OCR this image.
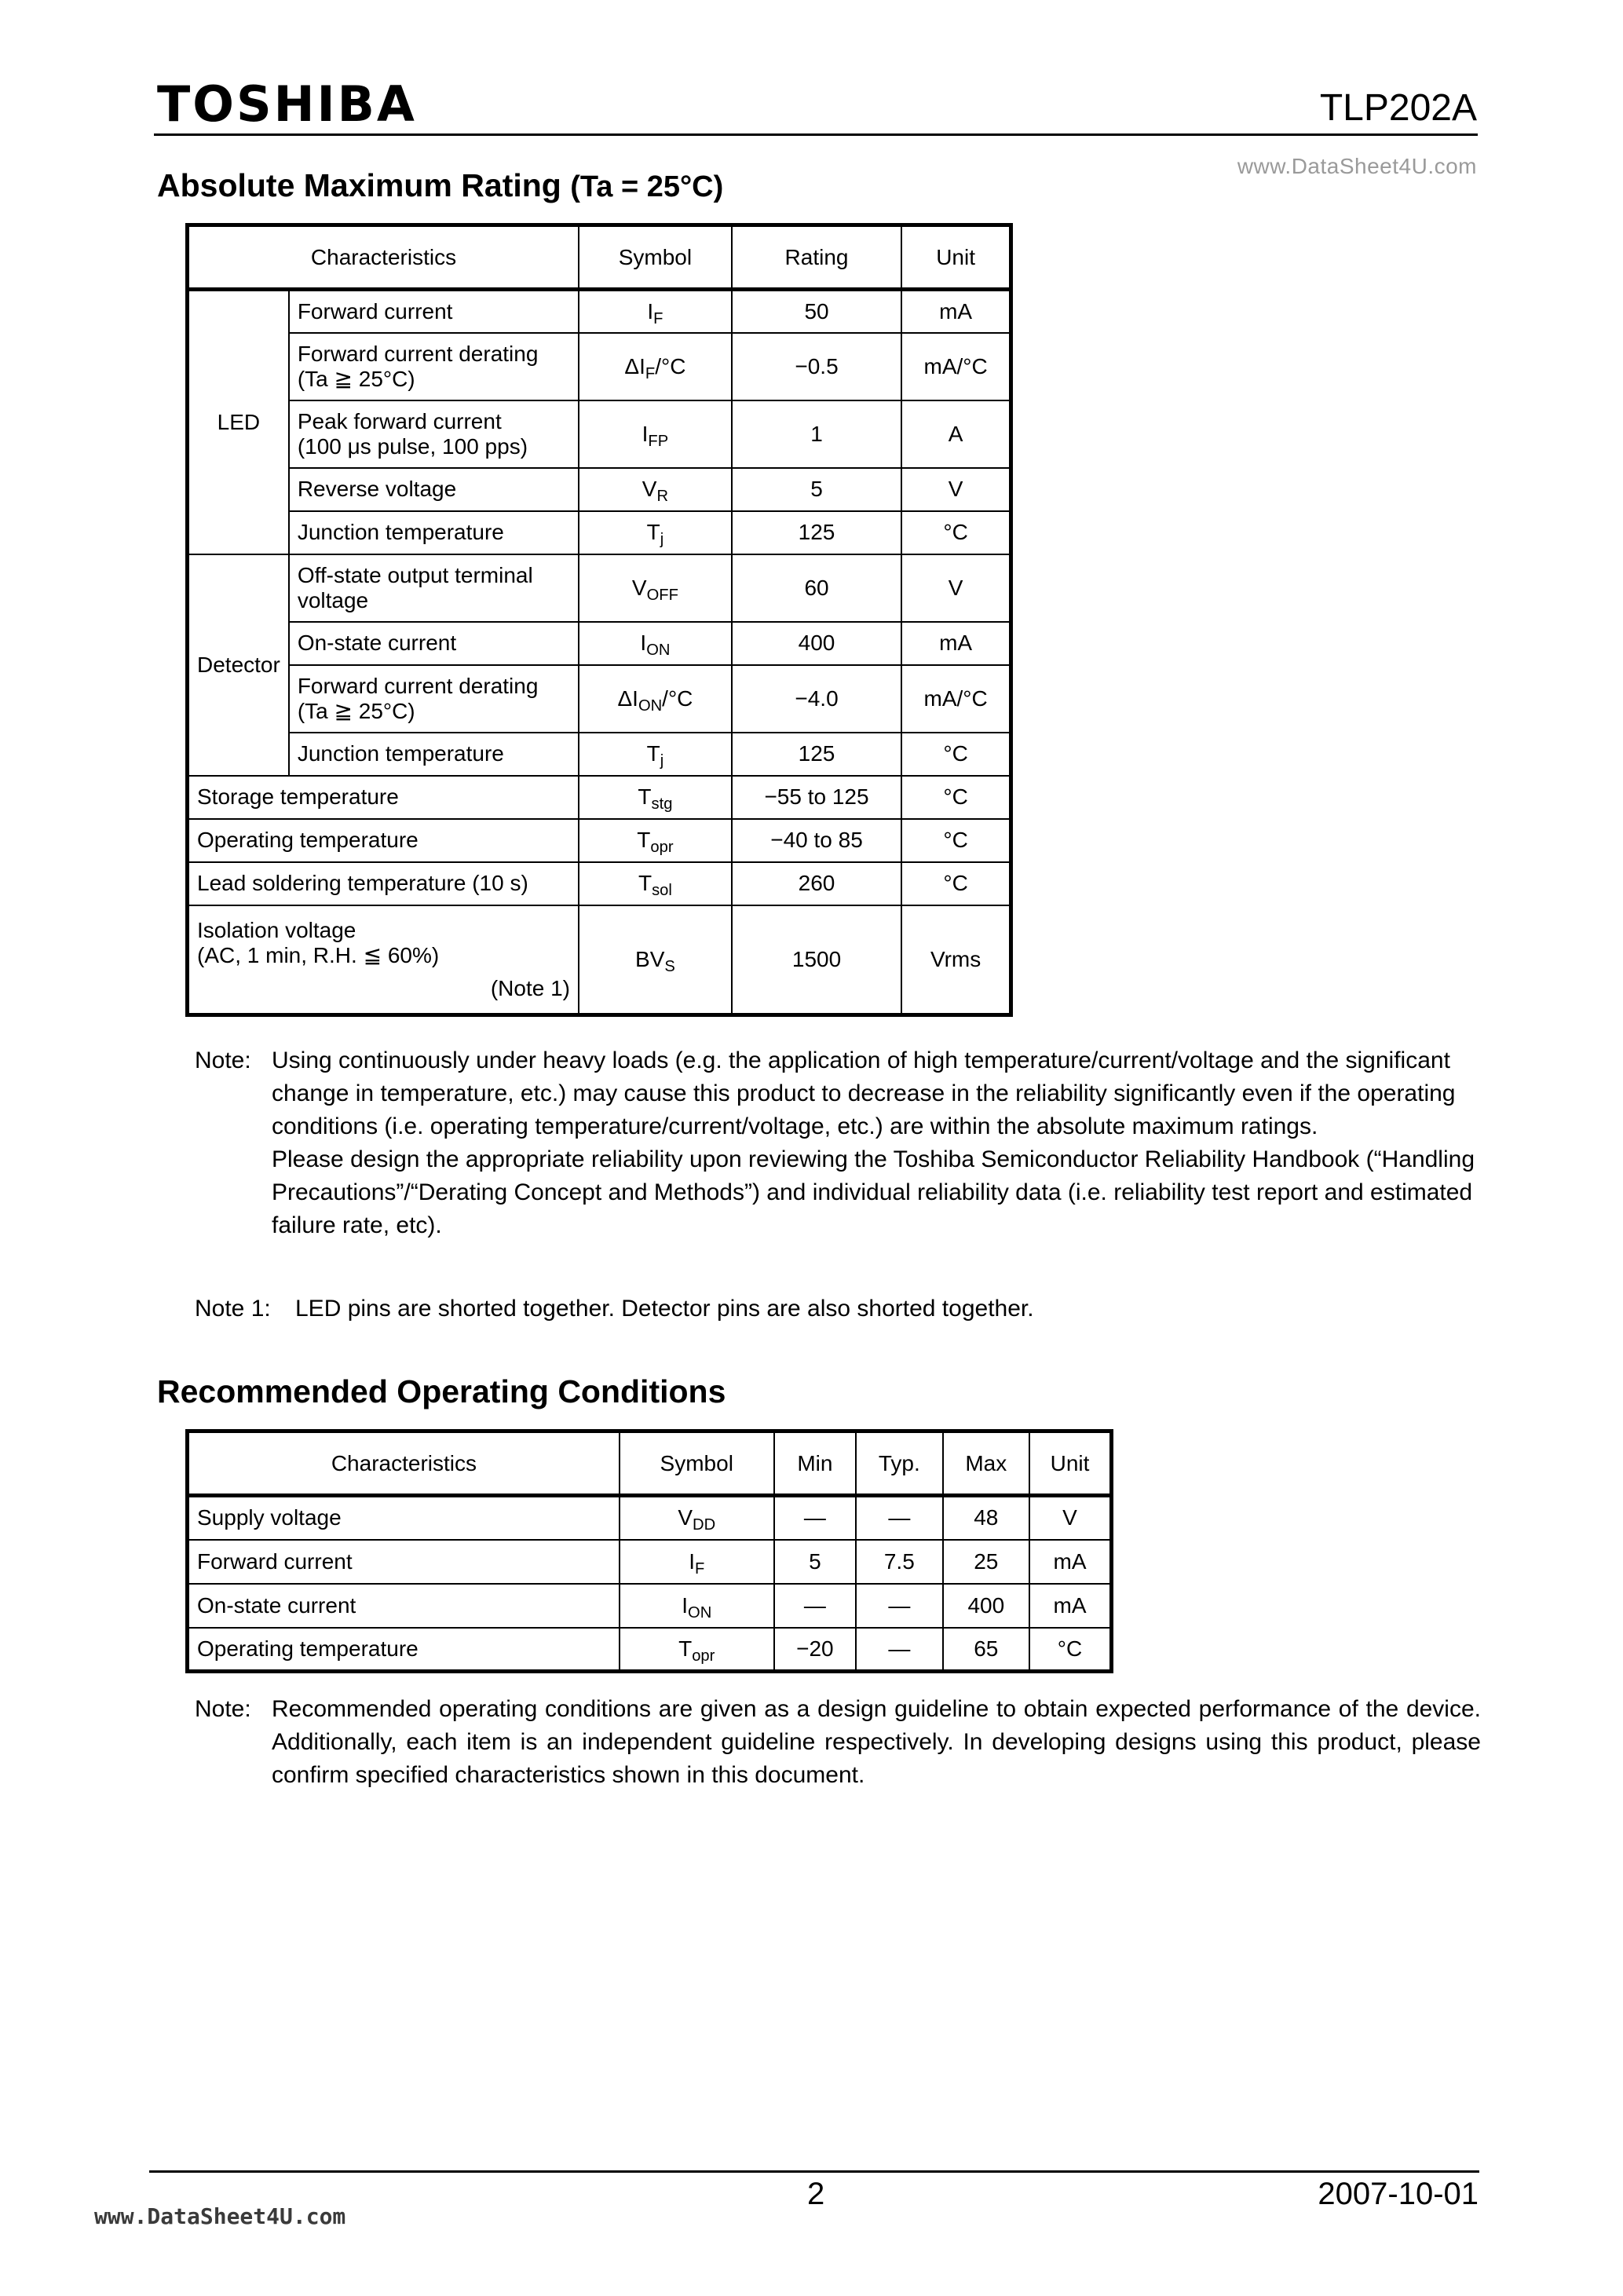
TOSHIBA	TLP202A
www.DataSheet4U.com
Absolute Maximum Rating (Ta = 25°C)
Characteristics		Symbol	Rating	Unit
LED	Forward current	$I_F$	50	mA

	Forward current derating
(Ta ≧ 25°C)	$\Delta I_F/^\circ C$	−0.5	mA/°C

	Peak forward current
(100 μs pulse, 100 pps)	$I_{FP}$	1	A
	Reverse voltage	$V_R$	5	V
	Junction temperature	$T_j$	125	°C
Detector	Off-state output terminal
voltage	$V_{OFF}$	60	V
	On-state current	$I_{ON}$	400	mA

	Forward current derating
(Ta ≧ 25°C)	$\Delta I_{ON}/^\circ C$	−4.0	mA/°C
	Junction temperature	$T_j$	125	°C
Storage temperature		$T_{stg}$	−55 to 125	°C
Operating temperature		$T_{opr}$	−40 to 85	°C
Lead soldering temperature (10 s)		$T_{sol}$	260	°C

Isolation voltage
(AC, 1 min, R.H. ≦ 60%)
(Note 1)		$BV_S$	1500	Vrms
Note: Using continuously under heavy loads (e.g. the application of high temperature/current/voltage and the significant change in temperature, etc.) may cause this product to decrease in the reliability significantly even if the operating conditions (i.e. operating temperature/current/voltage, etc.) are within the absolute maximum ratings.

Please design the appropriate reliability upon reviewing the Toshiba Semiconductor Reliability Handbook (“Handling Precautions”/“Derating Concept and Methods”) and individual reliability data (i.e. reliability test report and estimated failure rate, etc).

Note 1: LED pins are shorted together. Detector pins are also shorted together.
Recommended Operating Conditions
Characteristics	Symbol	Min	Typ.	Max	Unit
Supply voltage	$V_{DD}$	—	—	48	V
Forward current	$I_F$	5	7.5	25	mA
On-state current	$I_{ON}$	—	—	400	mA
Operating temperature	$T_{opr}$	−20	—	65	°C
Note: Recommended operating conditions are given as a design guideline to obtain expected performance of the device. Additionally, each item is an independent guideline respectively. In developing designs using this product, please confirm specified characteristics shown in this document.
2	2007-10-01
www.DataSheet4U.com
